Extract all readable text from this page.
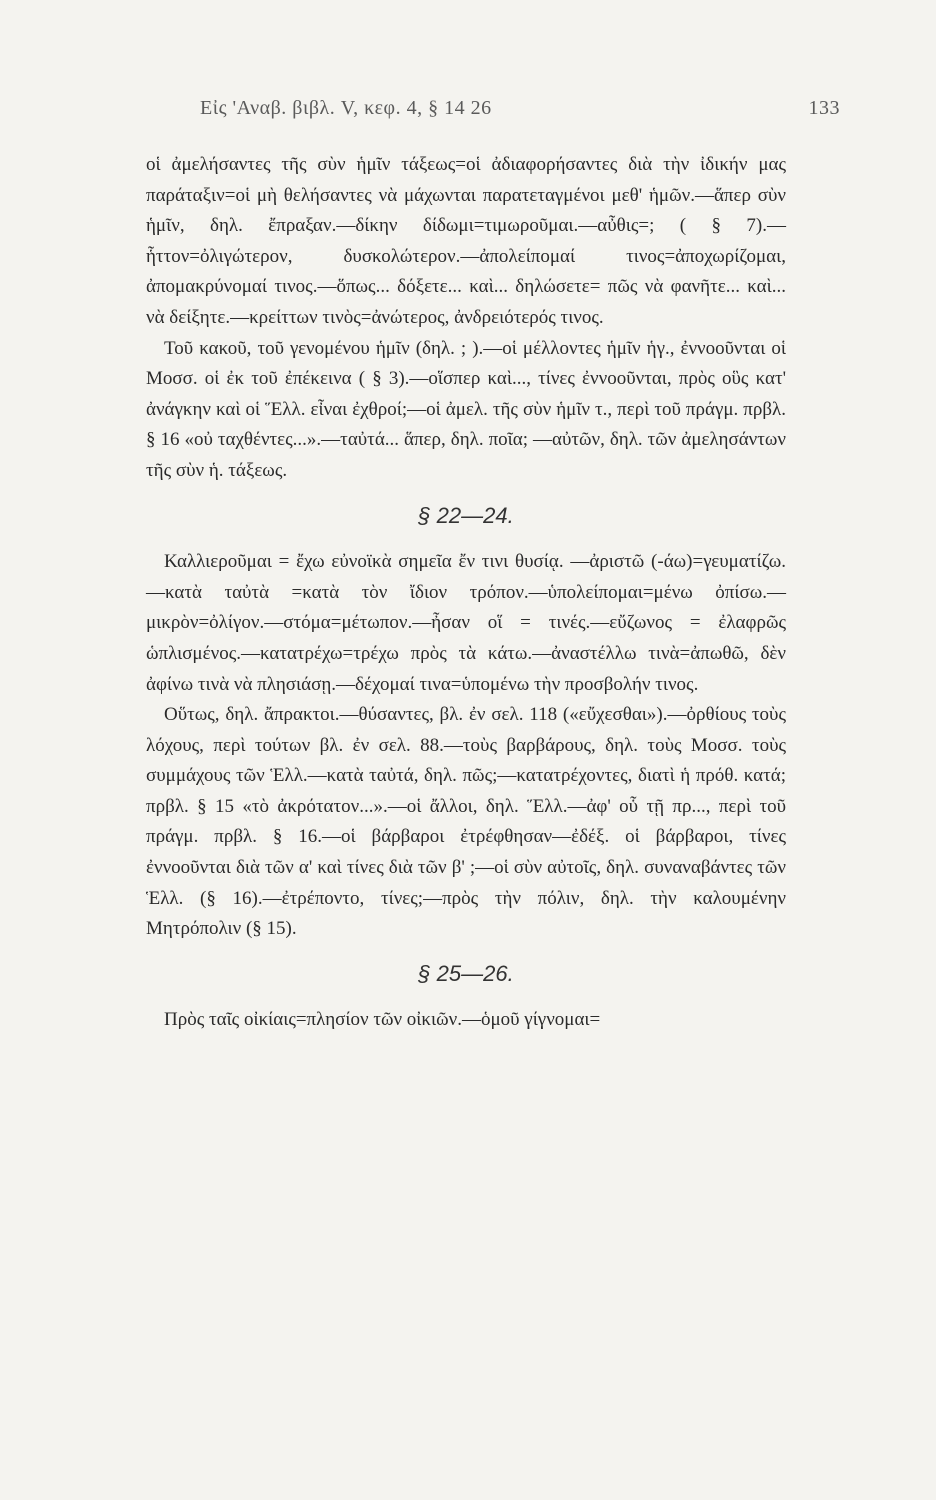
Εἰς 'Αναβ. βιβλ. V, κεφ. 4, § 14 26	133

οἱ ἀμελήσαντες τῆς σὺν ἡμῖν τάξεως=οἱ ἀδιαφορήσαντες διὰ τὴν ἰδικήν μας παράταξιν=οἱ μὴ θελήσαντες νὰ μάχωνται παρατεταγμένοι μεθ' ἡμῶν.—ἅπερ σὺν ἡμῖν, δηλ. ἔπραξαν.—δίκην δίδωμι=τιμωροῦμαι.—αὖθις=; ( § 7).—ἧττον=ὀλιγώτερον, δυσκολώτερον.—ἀπολείπομαί τινος=ἀποχωρίζομαι, ἀπομακρύνομαί τινος.—ὅπως... δόξετε... καὶ... δηλώσετε= πῶς νὰ φανῆτε... καὶ... νὰ δείξητε.—κρείττων τινὸς=ἀνώτερος, ἀνδρειότερός τινος.

Τοῦ κακοῦ, τοῦ γενομένου ἡμῖν (δηλ. ; ).—οἱ μέλλοντες ἡμῖν ἡγ., ἐννοοῦνται οἱ Μοσσ. οἱ ἐκ τοῦ ἐπέκεινα ( § 3).—οἵσπερ καὶ..., τίνες ἐννοοῦνται, πρὸς οὓς κατ' ἀνάγκην καὶ οἱ Ἕλλ. εἶναι ἐχθροί;—οἱ ἀμελ. τῆς σὺν ἡμῖν τ., περὶ τοῦ πράγμ. πρβλ. § 16 «οὐ ταχθέντες...».—ταὐτά... ἅπερ, δηλ. ποῖα; —αὐτῶν, δηλ. τῶν ἀμελησάντων τῆς σὺν ἡ. τάξεως.

§ 22—24.

Καλλιεροῦμαι = ἔχω εὐνοϊκὰ σημεῖα ἔν τινι θυσίᾳ. —ἀριστῶ (-άω)=γευματίζω. —κατὰ ταὐτὰ =κατὰ τὸν ἴδιον τρόπον.—ὑπολείπομαι=μένω ὀπίσω.—μικρὸν=ὀλίγον.—στόμα=μέτωπον.—ἦσαν οἵ = τινές.—εὔζωνος = ἐλαφρῶς ὡπλισμένος.—κατατρέχω=τρέχω πρὸς τὰ κάτω.—ἀναστέλλω τινὰ=ἀπωθῶ, δὲν ἀφίνω τινὰ νὰ πλησιάσῃ.—δέχομαί τινα=ὑπομένω τὴν προσβολήν τινος.

Οὕτως, δηλ. ἄπρακτοι.—θύσαντες, βλ. ἐν σελ. 118 («εὔχεσθαι»).—ὀρθίους τοὺς λόχους, περὶ τούτων βλ. ἐν σελ. 88.—τοὺς βαρβάρους, δηλ. τοὺς Μοσσ. τοὺς συμμάχους τῶν Ἑλλ.—κατὰ ταὐτά, δηλ. πῶς;—κατατρέχοντες, διατὶ ἡ πρόθ. κατά; πρβλ. § 15 «τὸ ἀκρότατον...».—οἱ ἄλλοι, δηλ. Ἕλλ.—ἀφ' οὗ τῇ πρ..., περὶ τοῦ πράγμ. πρβλ. § 16.—οἱ βάρβαροι ἐτρέφθησαν—ἐδέξ. οἱ βάρβαροι, τίνες ἐννοοῦνται διὰ τῶν α' καὶ τίνες διὰ τῶν β' ;—οἱ σὺν αὐτοῖς, δηλ. συναναβάντες τῶν Ἑλλ. (§ 16).—ἐτρέποντο, τίνες;—πρὸς τὴν πόλιν, δηλ. τὴν καλουμένην Μητρόπολιν (§ 15).

§ 25—26.

Πρὸς ταῖς οἰκίαις=πλησίον τῶν οἰκιῶν.—ὁμοῦ γίγνομαι=
